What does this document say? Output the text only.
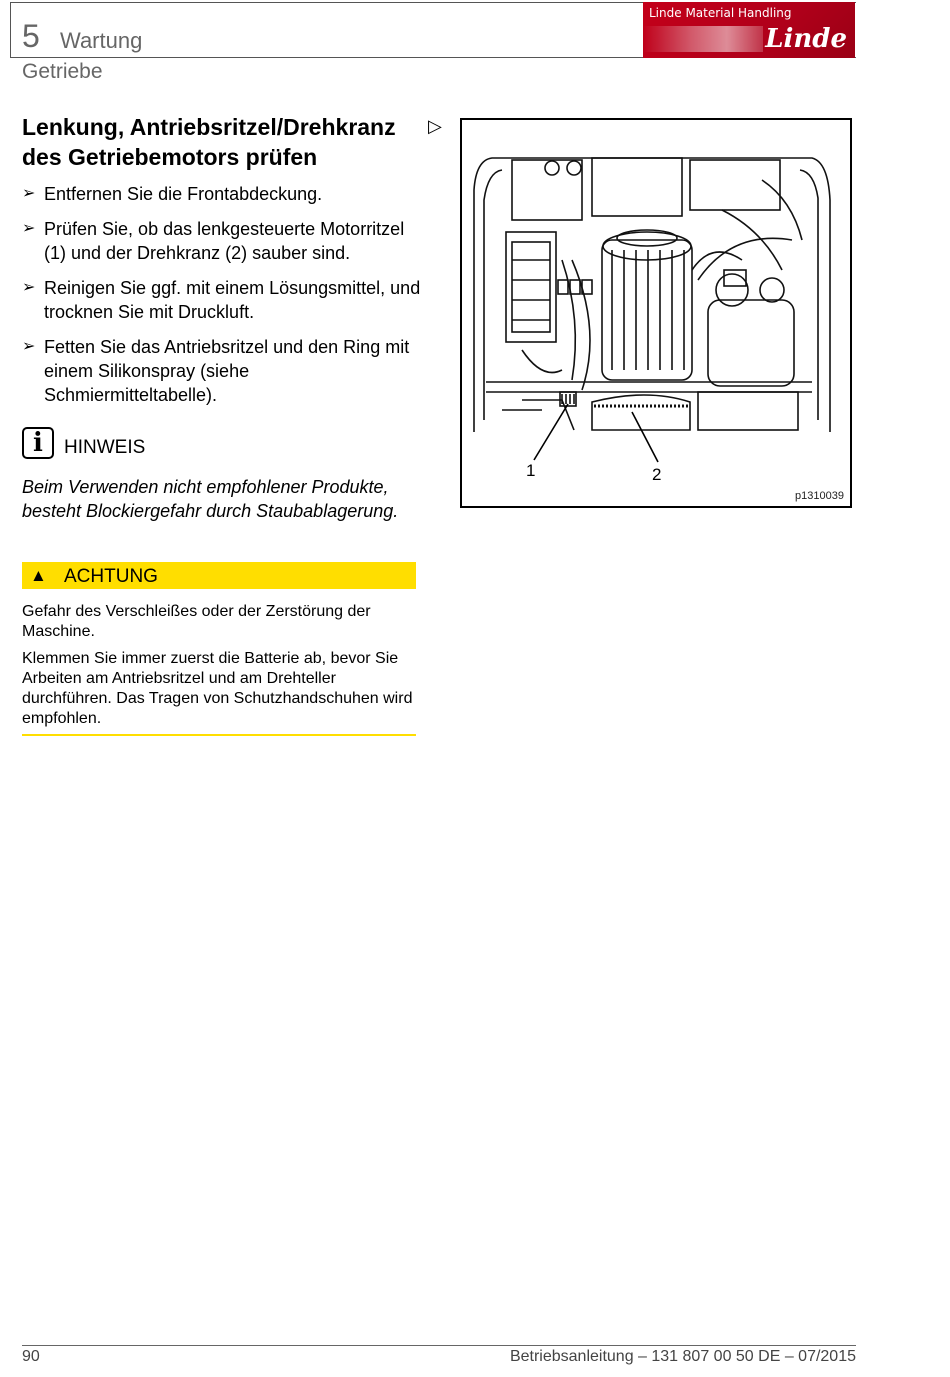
5 Wartung
Getriebe
Linde Material Handling
Linde
Lenkung, Antriebsritzel/Drehkranz
des Getriebemotors prüfen
▷
➢ Entfernen Sie die Frontabdeckung.
➢ Prüfen Sie, ob das lenkgesteuerte Motorritzel (1) und der Drehkranz (2) sauber sind.
➢ Reinigen Sie ggf. mit einem Lösungsmittel, und trocknen Sie mit Druckluft.
➢ Fetten Sie das Antriebsritzel und den Ring mit einem Silikonspray (siehe Schmiermitteltabelle).
i	HINWEIS
Beim Verwenden nicht empfohlener Produkte, besteht Blockiergefahr durch Staubablagerung.
▲ ACHTUNG

Gefahr des Verschleißes oder der Zerstörung der Maschine.

Klemmen Sie immer zuerst die Batterie ab, bevor Sie Arbeiten am Antriebsritzel und am Drehteller durchführen. Das Tragen von Schutzhandschuhen wird empfohlen.

1	2
p1310039
90	Betriebsanleitung – 131 807 00 50 DE – 07/2015
